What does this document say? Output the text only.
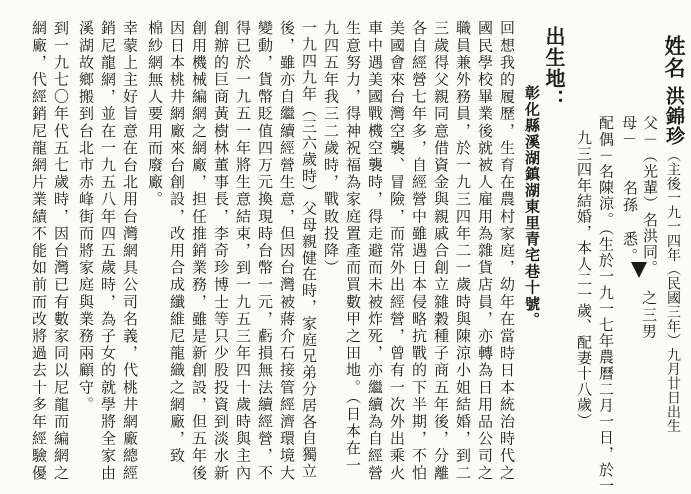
姓名
洪錦珍
（主後一九一四年（民國三年）九月廿日出生
父－（光輩）名洪同。
之三男
母－
名孫　悉。
配偶－名陳涼。（生於一九一七年農曆二月一日，於一
九三四年結婚，本人二一歲、配妻十八歲）
出生地：
彰化縣溪湖鎮湖東里青宅巷十號。
回想我的履歷，生育在農村家庭，幼年在當時日本統治時代之
國民學校畢業後就被人雇用為雜貨店員，亦轉為日用品公司之
職員兼外務員，於一九三四年二一歲時與陳涼小姐結婚，到二
三歲得父親同意借資金與親戚合創立雜穀種子商五年後，分離
各自經營七年多，自經營中雖遇日本侵略抗戰的下半期，不怕
美國會來台灣空襲、冒險，而常外出經營，曾有一次外出乘火
車中遇美國戰機空襲時，得走避而未被炸死，亦繼續為自經營
生意努力，得神祝福為家庭置產而買數甲之田地。（日本在一
九四五年我三二歲時，戰敗投降）
一九四九年（三六歲時）父母親健在時，家庭兄弟分居各自獨立
後，雖亦自繼續經營生意，但因台灣被蔣介石接管經濟環境大
變動，貨幣貶值四万元換現時台幣一元，虧損無法續經營，不
得已於一九五一年將生意結束，到一九五三年四十歲時與主內
創辦的巨商黃樹林董事長，李奇珍博士等只少股投資到淡水新
創用機械編網之網廠，担任推銷業務，雖是新創設，但五年後
因日本桃井網廠來台創設，改用合成纖維尼龍織之網廠，致
棉紗網無人要用而廢廠。
幸蒙上主好旨意在台北用台灣網具公司名義，代桃井網廠總經
銷尼龍網，並在一九五八年四五歲時，為子女的就學將全家由
溪湖故鄉搬到台北市赤峰街而將家庭與業務兩顧守。
到一九七〇年代五七歲時，因台灣已有數家同以尼龍而編網之
網廠，代經銷尼龍網片業績不能如前而改將過去十多年經驗優
